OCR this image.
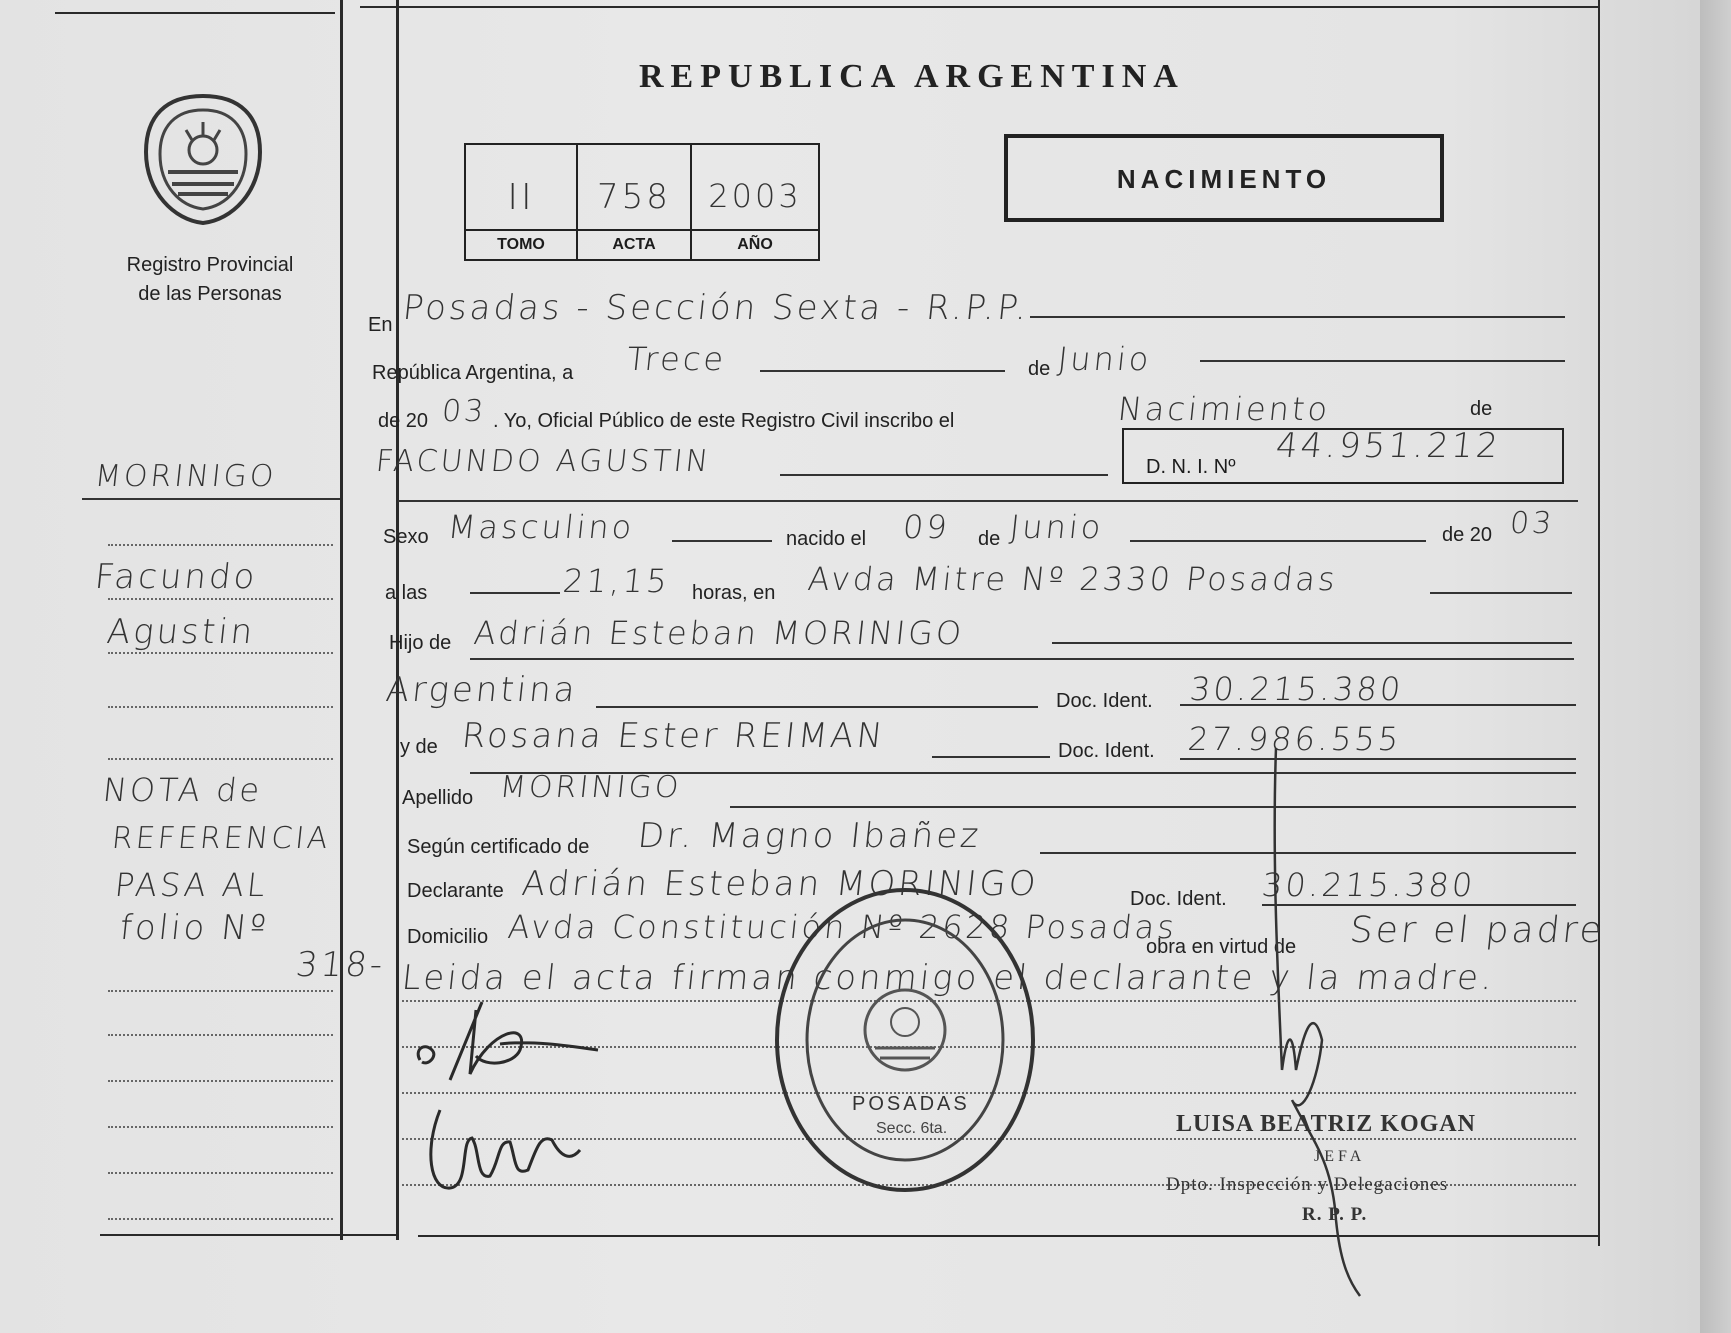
REPUBLICA ARGENTINA
NACIMIENTO
II
TOMO
758
ACTA
2003
AÑO
Registro Provincial
de las Personas
MORINIGO
Facundo
Agustin
NOTA de
REFERENCIA
PASA AL
folio Nº
318-
En Posadas - Sección Sexta - R.P.P.
República Argentina, a Trece	de Junio
de 20 03 . Yo, Oficial Público de este Registro Civil inscribo el	Nacimiento	de
FACUNDO AGUSTIN	D. N. I. Nº
44.951.212
Sexo Masculino	nacido el 09 de Junio	de 20 03
a las	21,15 horas, en Avda Mitre Nº 2330 Posadas
Hijo de Adrián Esteban MORINIGO
Argentina	Doc. Ident. 30.215.380
y de Rosana Ester REIMAN	Doc. Ident. 27.986.555
Apellido MORINIGO
Según certificado de Dr. Magno Ibañez
Declarante Adrián Esteban MORINIGO	Doc. Ident. 30.215.380
Domicilio Avda Constitución Nº 2628 Posadas
obra en virtud de Ser el padre
Leida el acta firman conmigo el declarante y la madre.
POSADAS
Secc. 6ta.	LUISA BEATRIZ KOGAN
JEFA
Dpto. Inspección y Delegaciones
R. P. P.
